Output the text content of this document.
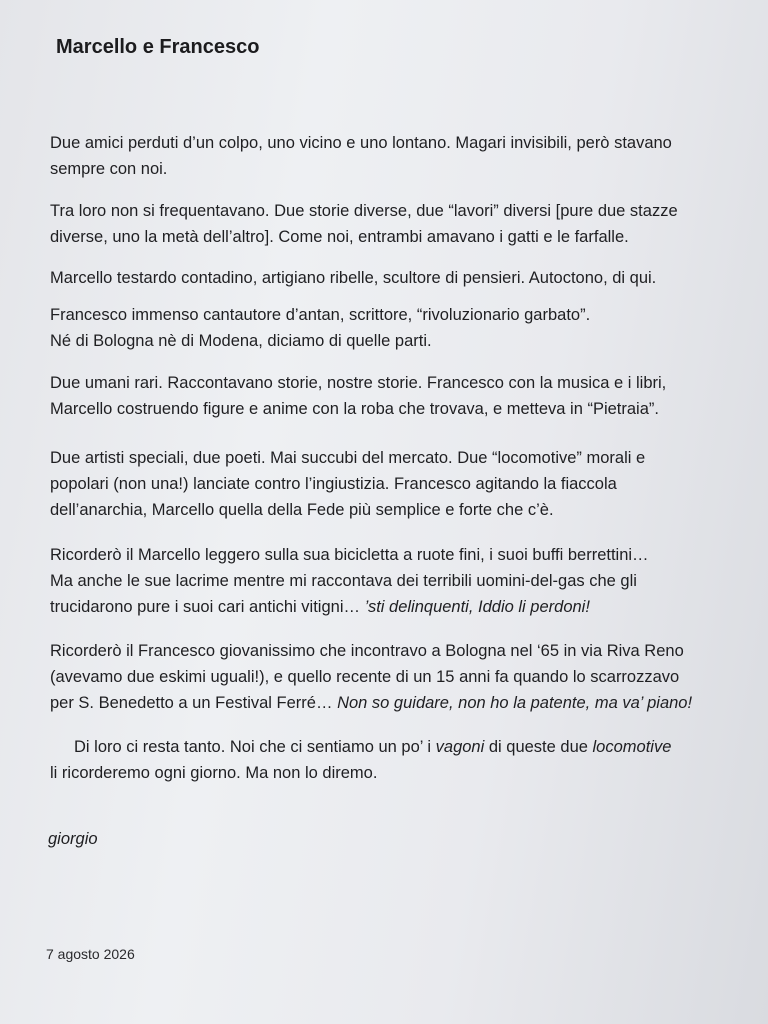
Marcello e Francesco
Due amici perduti d’un colpo, uno vicino e uno lontano. Magari invisibili, però stavano
sempre con noi.
Tra loro non si frequentavano. Due storie diverse, due “lavori” diversi [pure due stazze
diverse, uno la metà dell’altro]. Come noi, entrambi amavano i gatti e le farfalle.
Marcello testardo contadino, artigiano ribelle, scultore di pensieri. Autoctono, di qui.
Francesco immenso cantautore d’antan, scrittore, “rivoluzionario garbato”.
Né di Bologna nè di Modena, diciamo di quelle parti.
Due umani rari. Raccontavano storie, nostre storie. Francesco con la musica e i libri,
Marcello costruendo figure e anime con la roba che trovava, e metteva in “Pietraia”.
Due artisti speciali, due poeti. Mai succubi del mercato. Due “locomotive” morali e
popolari (non una!) lanciate contro l’ingiustizia. Francesco agitando la fiaccola
dell’anarchia, Marcello quella della Fede più semplice e forte che c’è.
Ricorderò il Marcello leggero sulla sua bicicletta a ruote fini, i suoi buffi berrettini…
Ma anche le sue lacrime mentre mi raccontava dei terribili uomini-del-gas che gli
trucidarono pure i suoi cari antichi vitigni… ’sti delinquenti, Iddio li perdoni!
Ricorderò il Francesco giovanissimo che incontravo a Bologna nel ‘65 in via Riva Reno
(avevamo due eskimi uguali!), e quello recente di un 15 anni fa quando lo scarrozzavo
per S. Benedetto a un Festival Ferré… Non so guidare, non ho la patente, ma va’ piano!
Di loro ci resta tanto. Noi che ci sentiamo un po’ i vagoni di queste due locomotive
li ricorderemo ogni giorno. Ma non lo diremo.
giorgio
7 agosto 2026
